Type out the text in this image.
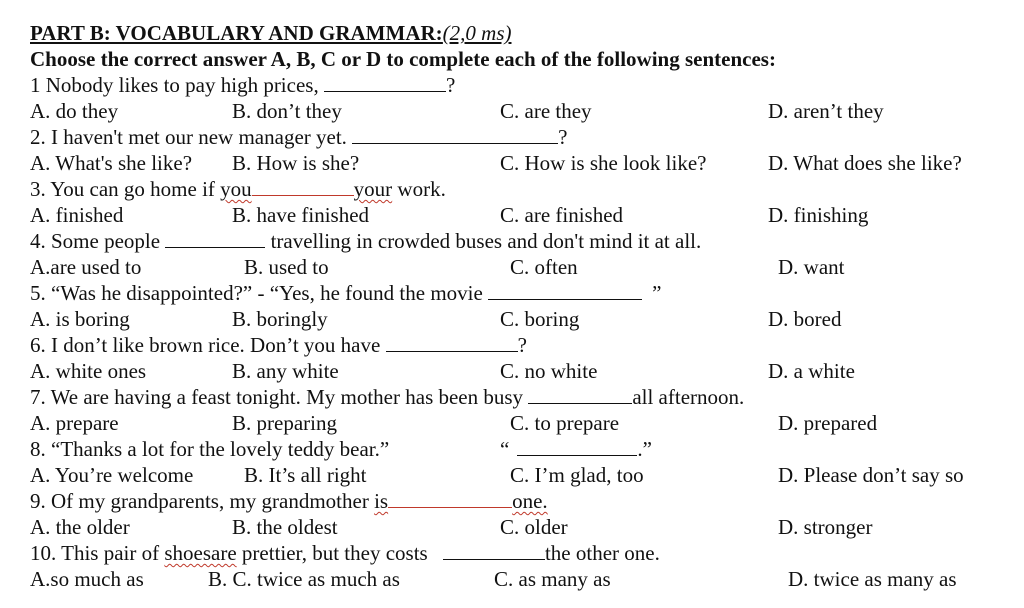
PART B: VOCABULARY AND GRAMMAR:(2,0 ms)
Choose the correct answer A, B, C or D to complete each of the following sentences:
1 Nobody likes to pay high prices,	?
A. do they	B. don’t they	C. are they	D. aren’t they
2. I haven't met our new manager yet.	?
A. What's she like? B. How is she?	C. How is she look like?	D. What does she like?
3. You can go home if you	your work.
A. finished	B. have finished	C. are finished	D. finishing
4. Some people	travelling in crowded buses and don't mind it at all.
A.are used to	B. used to	C. often	D. want
5. “Was he disappointed?” - “Yes, he found the movie	”
A. is boring	B. boringly	C. boring	D. bored
6. I don’t like brown rice. Don’t you have	?
A. white ones	B. any white	C. no white	D. a white
7. We are having a feast tonight. My mother has been busy	all afternoon.
A. prepare	B. preparing	C. to prepare	D. prepared
8. “Thanks a lot for the lovely teddy bear.”	“	.”
A. You’re welcome B. It’s all right	C. I’m glad, too	D. Please don’t say so
9. Of my grandparents, my grandmother is	one.
A. the older	B. the oldest	C. older	D. stronger
10. This pair of shoesare prettier, but they costs	the other one.
A.so much as	B. C. twice as much as	C. as many as	D. twice as many as
